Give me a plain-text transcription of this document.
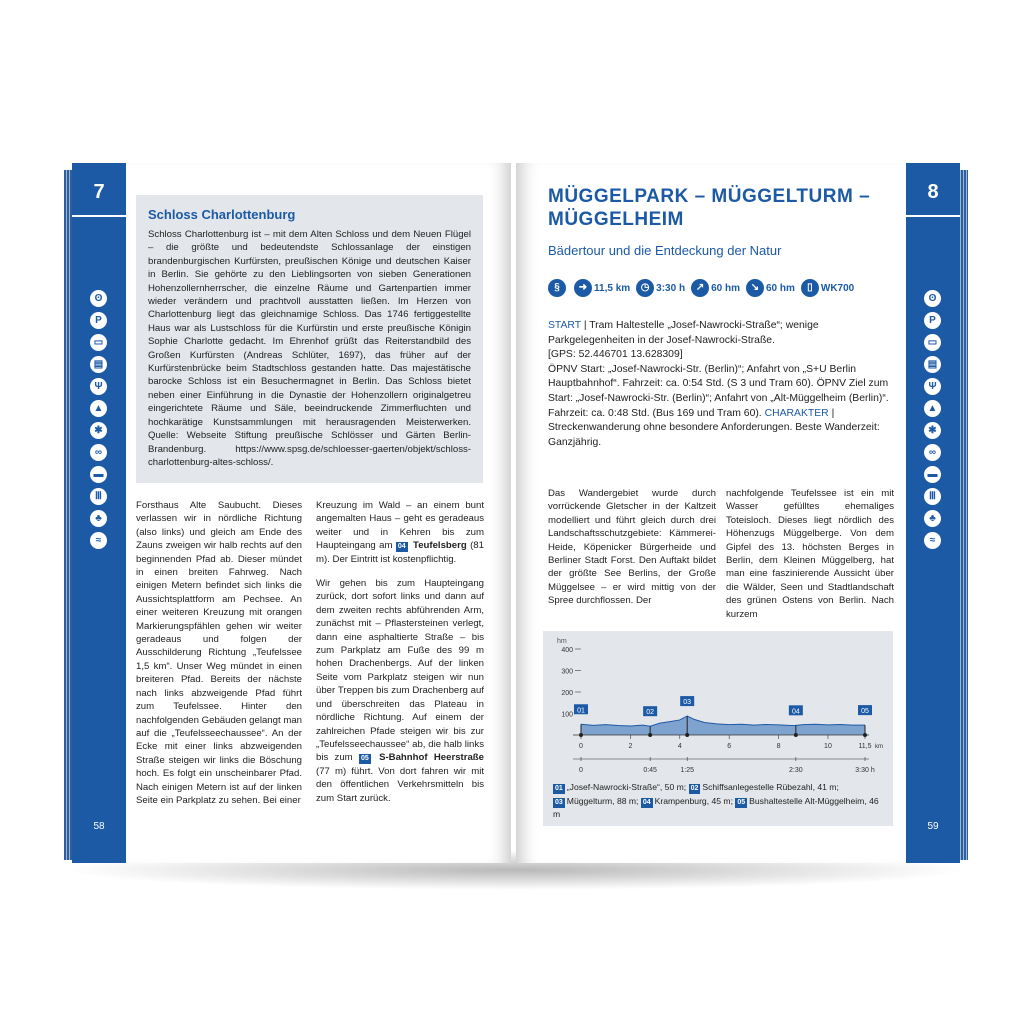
7
ʘ
P
▭
▤
Ψ
▲
✱
∞
▬
Ⅲ
♣
≈
58
Schloss Charlottenburg

Schloss Charlottenburg ist – mit dem Alten Schloss und dem Neuen Flügel – die größte und bedeutendste Schlossanlage der einstigen brandenburgischen Kurfürsten, preußischen Könige und deutschen Kaiser in Berlin. Sie gehörte zu den Lieblingsorten von sieben Generationen Hohenzollernherrscher, die einzelne Räume und Gartenpartien immer wieder verändern und prachtvoll ausstatten ließen. Im Herzen von Charlottenburg liegt das gleichnamige Schloss. Das 1746 fertiggestellte Haus war als Lustschloss für die Kurfürstin und erste preußische Königin Sophie Charlotte gedacht. Im Ehrenhof grüßt das Reiterstandbild des Großen Kurfürsten (Andreas Schlüter, 1697), das früher auf der Kurfürstenbrücke beim Stadtschloss gestanden hatte. Das majestätische barocke Schloss ist ein Besuchermagnet in Berlin. Das Schloss bietet neben einer Einführung in die Dynastie der Hohenzollern originalgetreu eingerichtete Räume und Säle, beeindruckende Zimmerfluchten und hochkarätige Kunstsammlungen mit herausragenden Meisterwerken. Quelle: Webseite Stiftung preußische Schlösser und Gärten Berlin-Brandenburg. https://www.spsg.de/schloesser-gaerten/objekt/schloss-charlottenburg-altes-schloss/.

Forsthaus Alte Saubucht. Dieses verlassen wir in nördliche Richtung (also links) und gleich am Ende des Zauns zweigen wir halb rechts auf den beginnenden Pfad ab. Dieser mündet in einen breiten Fahrweg. Nach einigen Metern befindet sich links die Aussichtsplattform am Pechsee. An einer weiteren Kreuzung mit orangen Markierungspfählen gehen wir weiter geradeaus und folgen der Ausschilderung Richtung „Teufelssee 1,5 km“. Unser Weg mündet in einen breiteren Pfad. Bereits der nächste nach links abzweigende Pfad führt zum Teufelssee. Hinter den nachfolgenden Gebäuden gelangt man auf die „Teufelsseechaussee“. An der Ecke mit einer links abzweigenden Straße steigen wir links die Böschung hoch. Es folgt ein unscheinbarer Pfad. Nach einigen Metern ist auf der linken Seite ein Parkplatz zu sehen. Bei einer
Kreuzung im Wald – an einem bunt angemalten Haus – geht es geradeaus weiter und in Kehren bis zum Haupteingang am 04 Teufelsberg (81 m). Der Eintritt ist kostenpflichtig.
Wir gehen bis zum Haupteingang zurück, dort sofort links und dann auf dem zweiten rechts abführenden Arm, zunächst mit – Pflastersteinen verlegt, dann eine asphaltierte Straße – bis zum Parkplatz am Fuße des 99 m hohen Drachenbergs. Auf der linken Seite vom Parkplatz steigen wir nun über Treppen bis zum Drachenberg auf und überschreiten das Plateau in nördliche Richtung. Auf einem der zahlreichen Pfade steigen wir bis zur „Teufelsseechaussee“ ab, die halb links bis zum 05 S-Bahnhof Heerstraße (77 m) führt. Von dort fahren wir mit den öffentlichen Verkehrsmitteln bis zum Start zurück.
MÜGGELPARK – MÜGGELTURM – MÜGGELHEIM
Bädertour und die Entdeckung der Natur
§	➜ 11,5 km	◷ 3:30 h	↗ 60 hm	↘ 60 hm	▯ WK700
START | Tram Haltestelle „Josef-Nawrocki-Straße“; wenige Parkgelegenheiten in der Josef-Nawrocki-Straße.
[GPS: 52.446701 13.628309]
ÖPNV Start: „Josef-Nawrocki-Str. (Berlin)“; Anfahrt von „S+U Berlin Hauptbahnhof“. Fahrzeit: ca. 0:54 Std. (S 3 und Tram 60). ÖPNV Ziel zum Start: „Josef-Nawrocki-Str. (Berlin)“; Anfahrt von „Alt-Müggelheim (Berlin)“. Fahrzeit: ca. 0:48 Std. (Bus 169 und Tram 60). CHARAKTER | Streckenwanderung ohne besondere Anforderungen. Beste Wanderzeit: Ganzjährig.
Das Wandergebiet wurde durch vorrückende Gletscher in der Kaltzeit modelliert und führt gleich durch drei Landschaftsschutzgebiete: Kämmerei-Heide, Köpenicker Bürgerheide und Berliner Stadt Forst. Den Auftakt bildet der größte See Berlins, der Große Müggelsee – er wird mittig von der Spree durchflossen. Der
nachfolgende Teufelssee ist ein mit Wasser gefülltes ehemaliges Toteisloch. Dieses liegt nördlich des Höhenzugs Müggelberge. Von dem Gipfel des 13. höchsten Berges in Berlin, dem Kleinen Müggelberg, hat man eine faszinierende Aussicht über die Wälder, Seen und Stadtlandschaft des grünen Ostens von Berlin. Nach kurzem
hm
400
300
200
100
0	2	4	6	8	10	11,5 km
0	0:45	1:25	2:30	3:30 h
01	02
03
04	05
01 „Josef-Nawrocki-Straße“, 50 m; 02 Schiffsanlegestelle Rübezahl, 41 m;
03 Müggelturm, 88 m; 04 Krampenburg, 45 m; 05 Bushaltestelle Alt-Müggelheim, 46 m
8
ʘ
P
▭
▤
Ψ
▲
✱
∞
▬
Ⅲ
♣
≈
59
